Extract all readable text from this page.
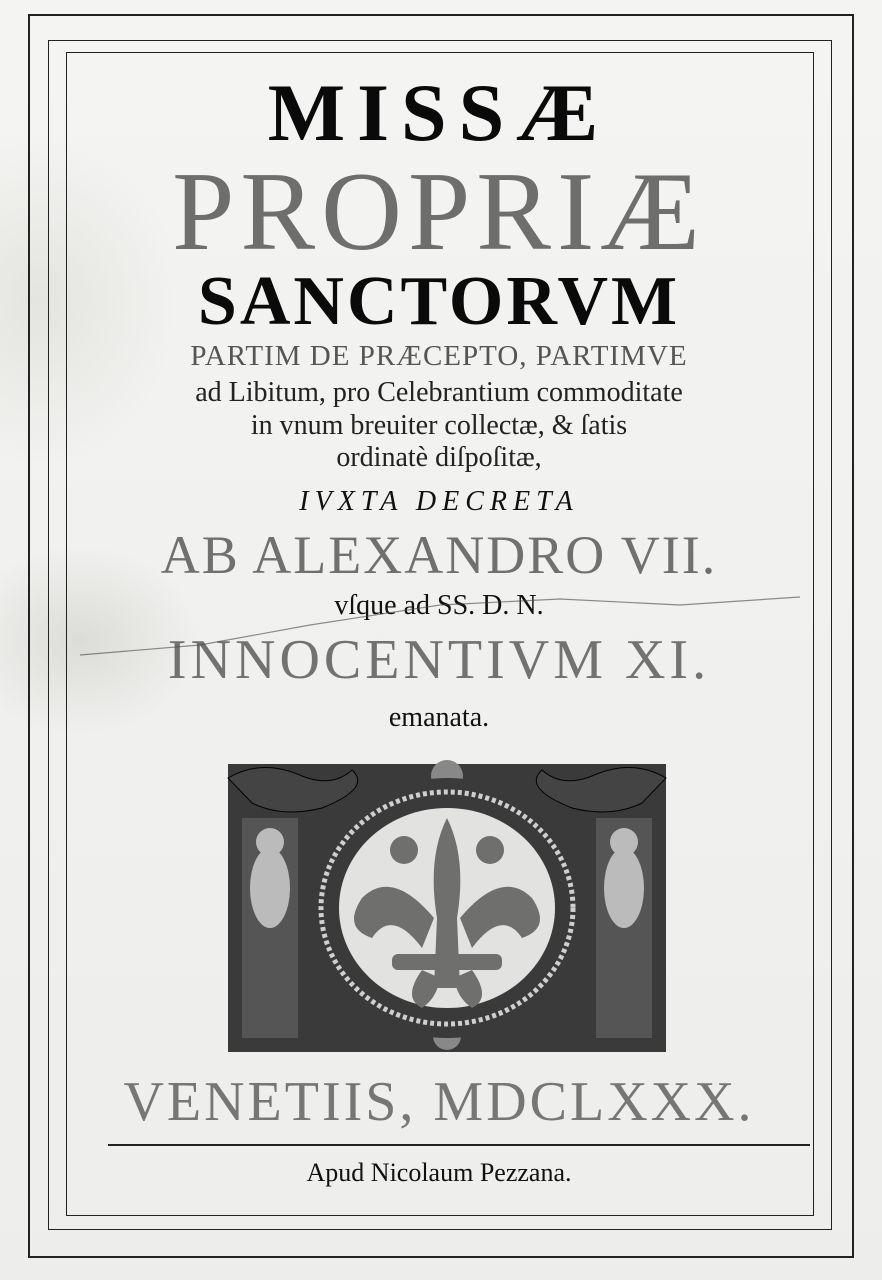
MISSÆ
PROPRIÆ
SANCTORVM
PARTIM DE PRÆCEPTO, PARTIMVE
ad Libitum, pro Celebrantium commoditate
in vnum breuiter collectæ, & ſatis
ordinatè diſpoſitæ,
IVXTA DECRETA
AB ALEXANDRO VII.
vſque ad SS. D. N.
INNOCENTIVM XI.
emanata.
VENETIIS, MDCLXXX.
Apud Nicolaum Pezzana.
